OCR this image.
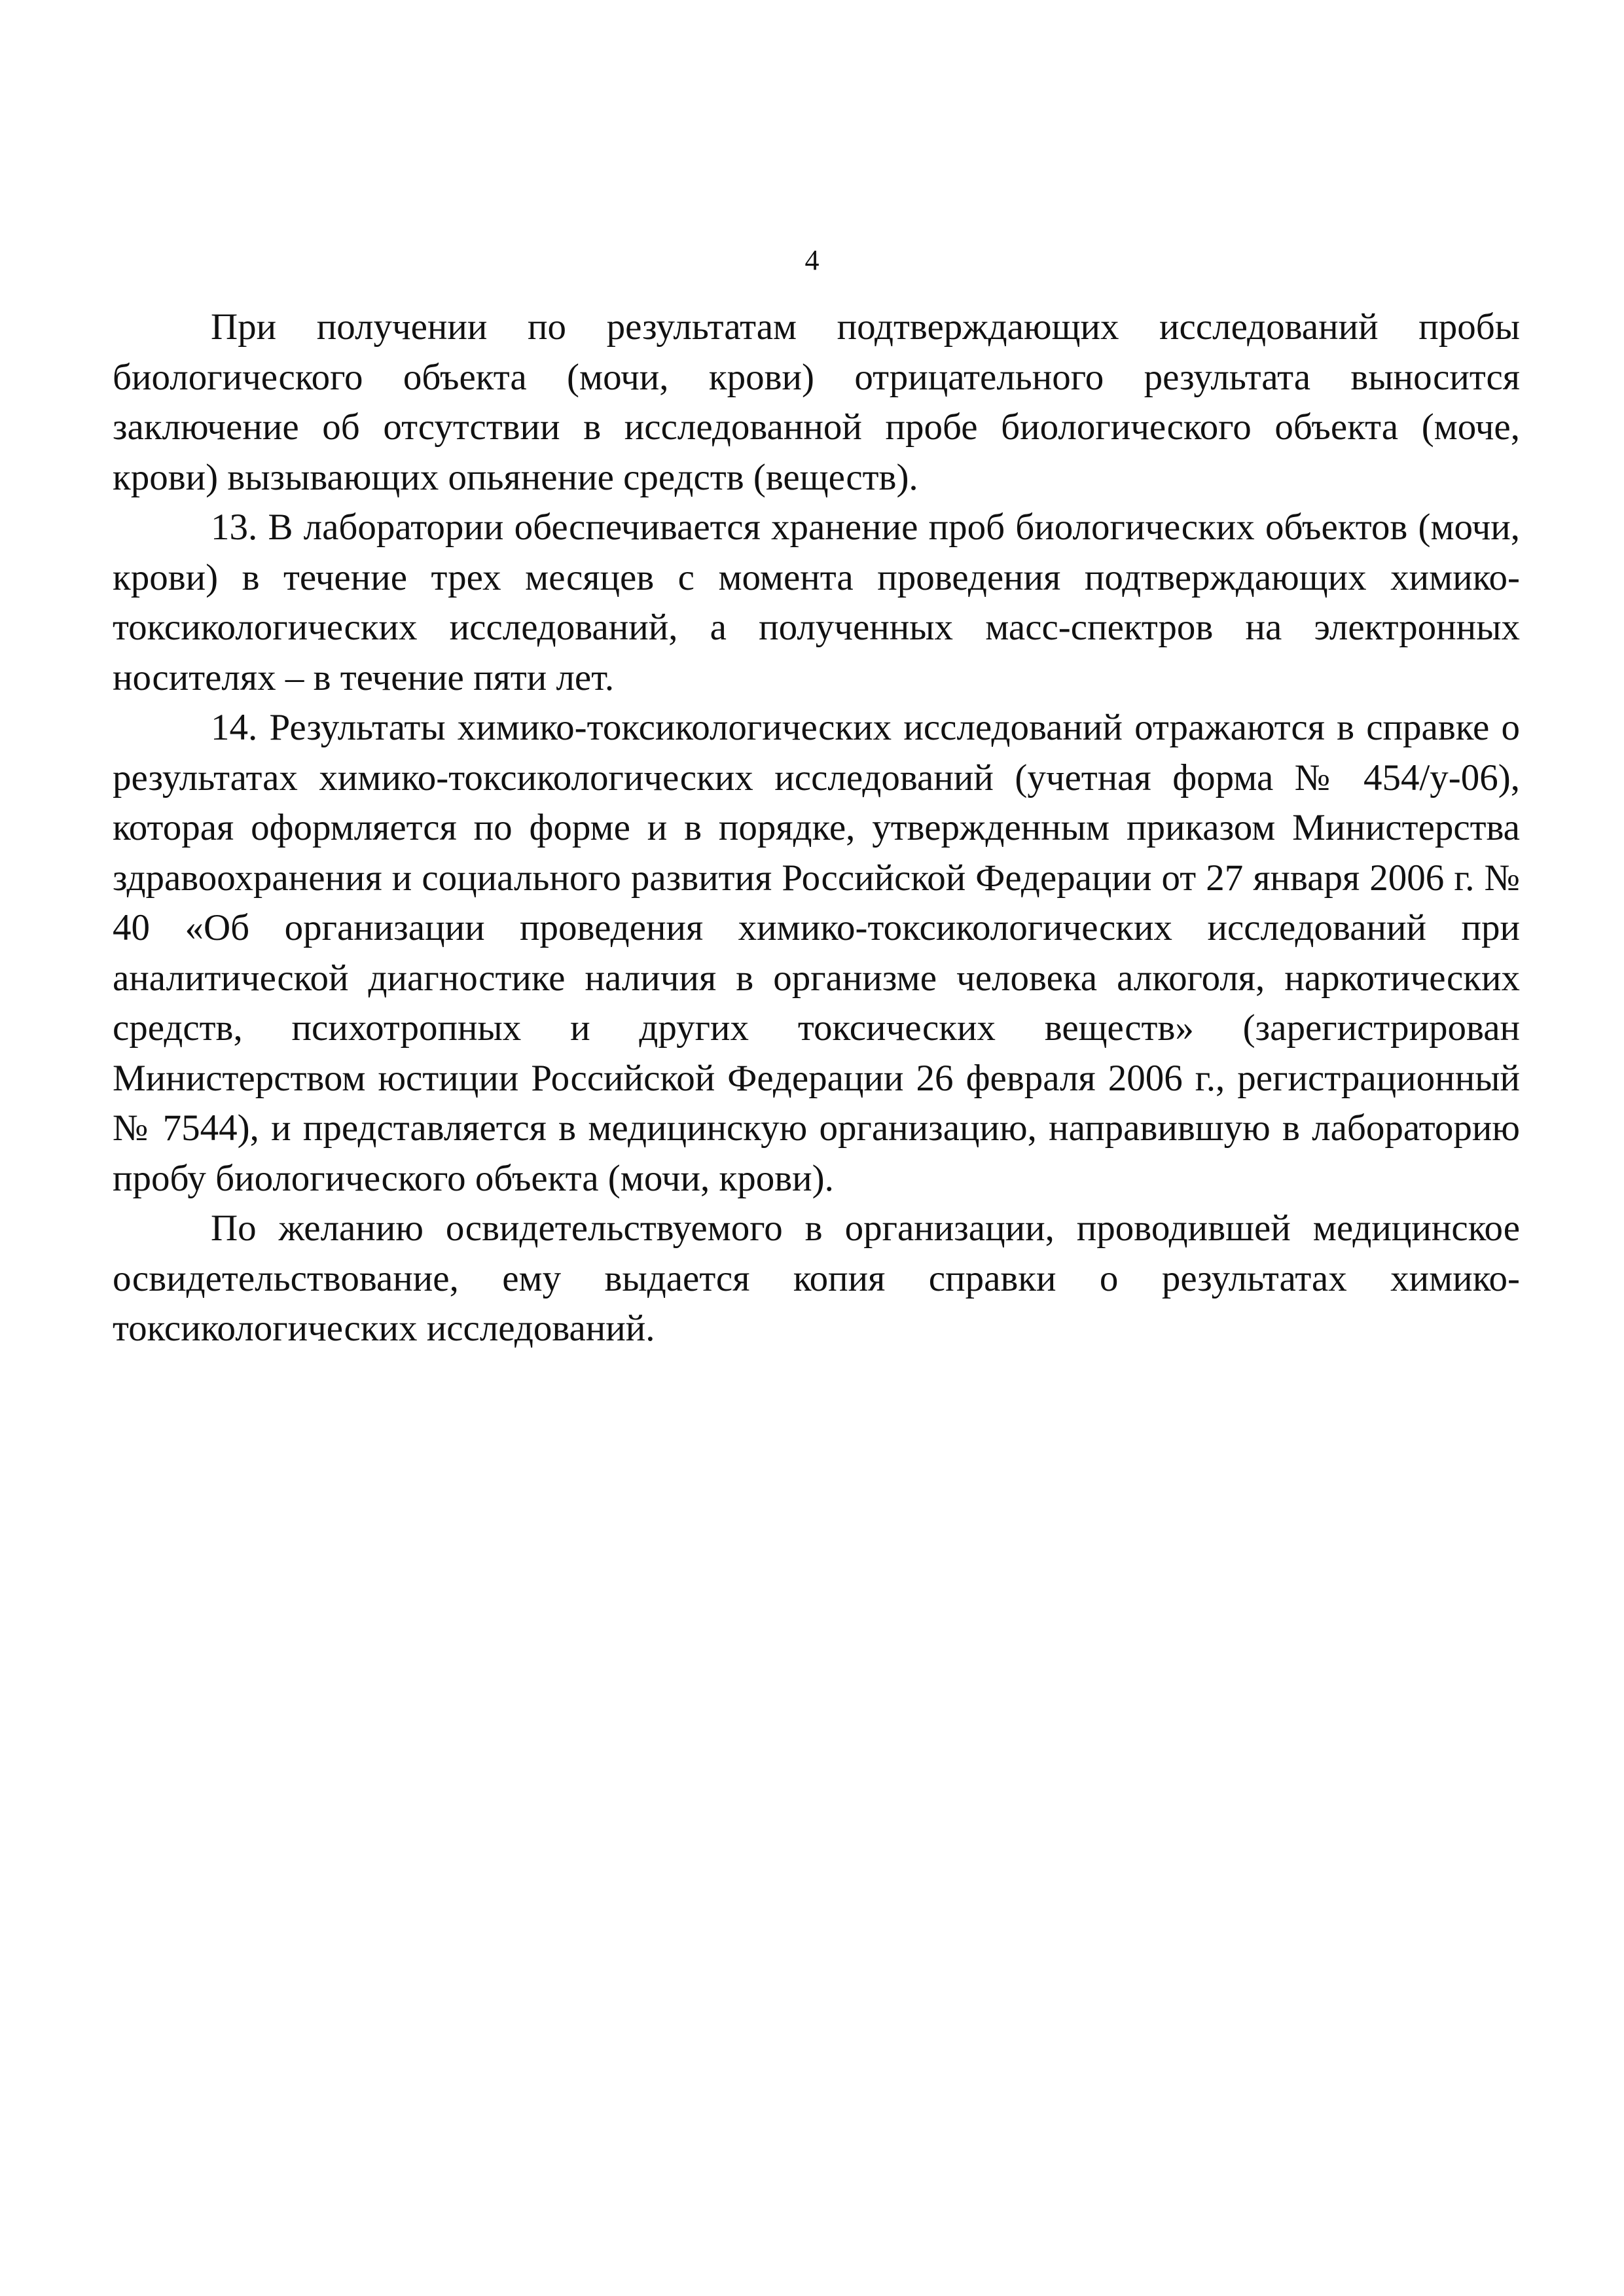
4

При получении по результатам подтверждающих исследований пробы биологического объекта (мочи, крови) отрицательного результата выносится заключение об отсутствии в исследованной пробе биологического объекта (моче, крови) вызывающих опьянение средств (веществ).

13. В лаборатории обеспечивается хранение проб биологических объектов (мочи, крови) в течение трех месяцев с момента проведения подтверждающих химико-токсикологических исследований, а полученных масс-спектров на электронных носителях – в течение пяти лет.

14. Результаты химико-токсикологических исследований отражаются в справке о результатах химико-токсикологических исследований (учетная форма № 454/у-06), которая оформляется по форме и в порядке, утвержденным приказом Министерства здравоохранения и социального развития Российской Федерации от 27 января 2006 г. № 40 «Об организации проведения химико-токсикологических исследований при аналитической диагностике наличия в организме человека алкоголя, наркотических средств, психотропных и других токсических веществ» (зарегистрирован Министерством юстиции Российской Федерации 26 февраля 2006 г., регистрационный № 7544), и представляется в медицинскую организацию, направившую в лабораторию пробу биологического объекта (мочи, крови).

По желанию освидетельствуемого в организации, проводившей медицинское освидетельствование, ему выдается копия справки о результатах химико-токсикологических исследований.
